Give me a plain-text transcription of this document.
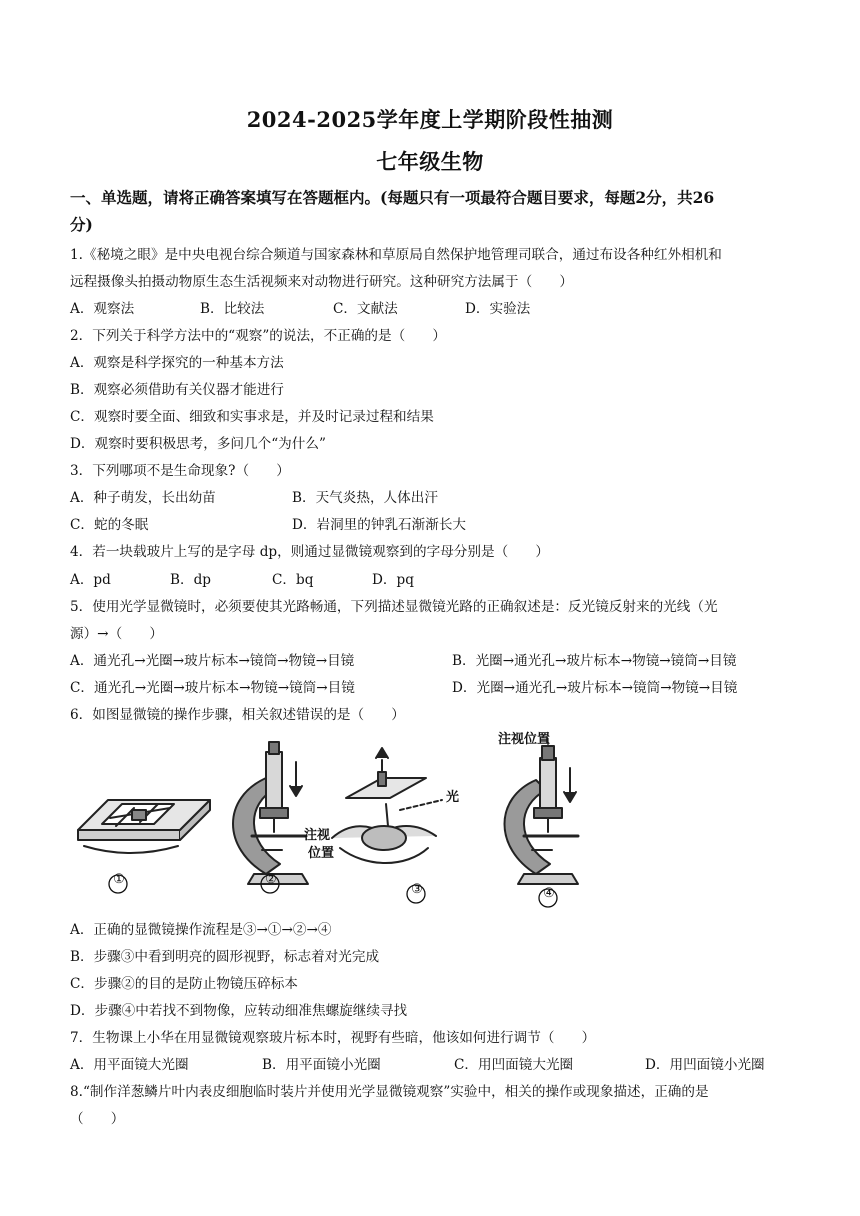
2024-2025学年度上学期阶段性抽测
七年级生物
一、单选题，请将正确答案填写在答题框内。(每题只有一项最符合题目要求，每题2分，共26
分)
1.《秘境之眼》是中央电视台综合频道与国家森林和草原局自然保护地管理司联合，通过布设各种红外相机和
远程摄像头拍摄动物原生态生活视频来对动物进行研究。这种研究方法属于（　　）
A．观察法	B．比较法	C．文献法	D．实验法
2．下列关于科学方法中的“观察”的说法，不正确的是（　　）
A．观察是科学探究的一种基本方法
B．观察必须借助有关仪器才能进行
C．观察时要全面、细致和实事求是，并及时记录过程和结果
D．观察时要积极思考，多问几个“为什么”
3．下列哪项不是生命现象?（　　）
A．种子萌发，长出幼苗	B．天气炎热，人体出汗
C．蛇的冬眠	D．岩洞里的钟乳石渐渐长大
4．若一块载玻片上写的是字母 dp，则通过显微镜观察到的字母分别是（　　）
A．pd	B．dp	C．bq	D．pq
5．使用光学显微镜时，必须要使其光路畅通，下列描述显微镜光路的正确叙述是：反光镜反射来的光线（光
源）→（　　）
A．通光孔→光圈→玻片标本→镜筒→物镜→目镜	B．光圈→通光孔→玻片标本→物镜→镜筒→目镜
C．通光孔→光圈→玻片标本→物镜→镜筒→目镜	D．光圈→通光孔→玻片标本→镜筒→物镜→目镜
6．如图显微镜的操作步骤，相关叙述错误的是（　　）
①	②
③	④
注视
位置
光
注视位置
A．正确的显微镜操作流程是③→①→②→④
B．步骤③中看到明亮的圆形视野，标志着对光完成
C．步骤②的目的是防止物镜压碎标本
D．步骤④中若找不到物像，应转动细准焦螺旋继续寻找
7．生物课上小华在用显微镜观察玻片标本时，视野有些暗，他该如何进行调节（　　）
A．用平面镜大光圈	B．用平面镜小光圈	C．用凹面镜大光圈	D．用凹面镜小光圈
8.“制作洋葱鳞片叶内表皮细胞临时装片并使用光学显微镜观察”实验中，相关的操作或现象描述，正确的是
（　　）
